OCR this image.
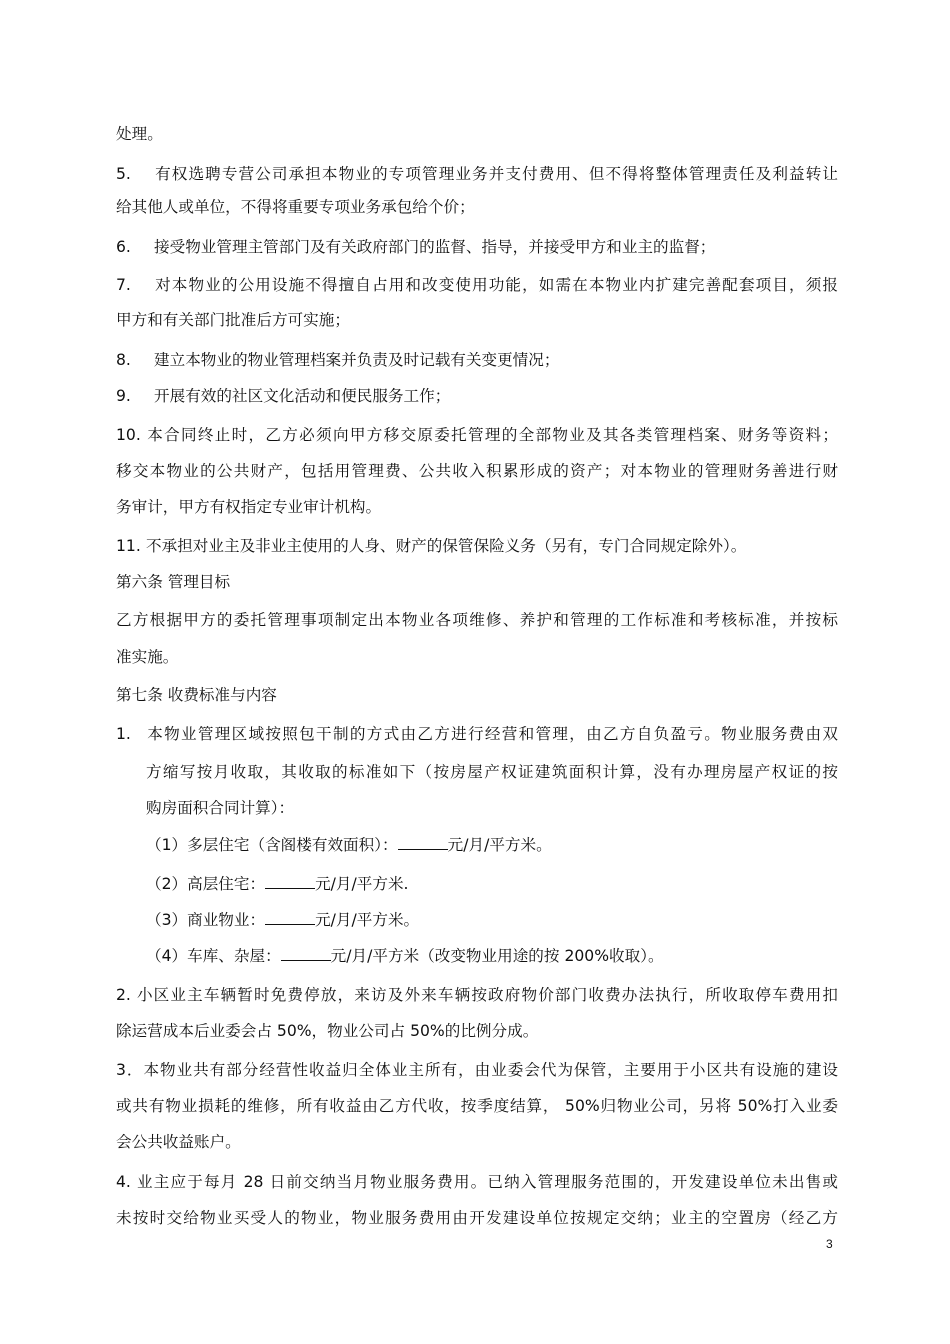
处理。
5. 有权选聘专营公司承担本物业的专项管理业务并支付费用、但不得将整体管理责任及利益转让
给其他人或单位，不得将重要专项业务承包给个价；
6. 接受物业管理主管部门及有关政府部门的监督、指导，并接受甲方和业主的监督；
7. 对本物业的公用设施不得擅自占用和改变使用功能，如需在本物业内扩建完善配套项目，须报
甲方和有关部门批准后方可实施；
8. 建立本物业的物业管理档案并负责及时记载有关变更情况；
9. 开展有效的社区文化活动和便民服务工作；
10. 本合同终止时，乙方必须向甲方移交原委托管理的全部物业及其各类管理档案、财务等资料；
移交本物业的公共财产，包括用管理费、公共收入积累形成的资产；对本物业的管理财务善进行财
务审计，甲方有权指定专业审计机构。
11. 不承担对业主及非业主使用的人身、财产的保管保险义务（另有，专门合同规定除外）。
第六条 管理目标
乙方根据甲方的委托管理事项制定出本物业各项维修、养护和管理的工作标准和考核标准，并按标
准实施。
第七条 收费标准与内容
1. 本物业管理区域按照包干制的方式由乙方进行经营和管理，由乙方自负盈亏。物业服务费由双
方缩写按月收取，其收取的标准如下（按房屋产权证建筑面积计算，没有办理房屋产权证的按
购房面积合同计算）：
（1）多层住宅（含阁楼有效面积）：	元/月/平方米。
（2）高层住宅：	元/月/平方米.
（3）商业物业：	元/月/平方米。
（4）车库、杂屋：	元/月/平方米（改变物业用途的按 200%收取）。
2. 小区业主车辆暂时免费停放，来访及外来车辆按政府物价部门收费办法执行，所收取停车费用扣
除运营成本后业委会占 50%，物业公司占 50%的比例分成。
3．本物业共有部分经营性收益归全体业主所有，由业委会代为保管，主要用于小区共有设施的建设
或共有物业损耗的维修，所有收益由乙方代收，按季度结算， 50%归物业公司，另将 50%打入业委
会公共收益账户。
4. 业主应于每月 28 日前交纳当月物业服务费用。已纳入管理服务范围的，开发建设单位未出售或
未按时交给物业买受人的物业，物业服务费用由开发建设单位按规定交纳；业主的空置房（经乙方
3
